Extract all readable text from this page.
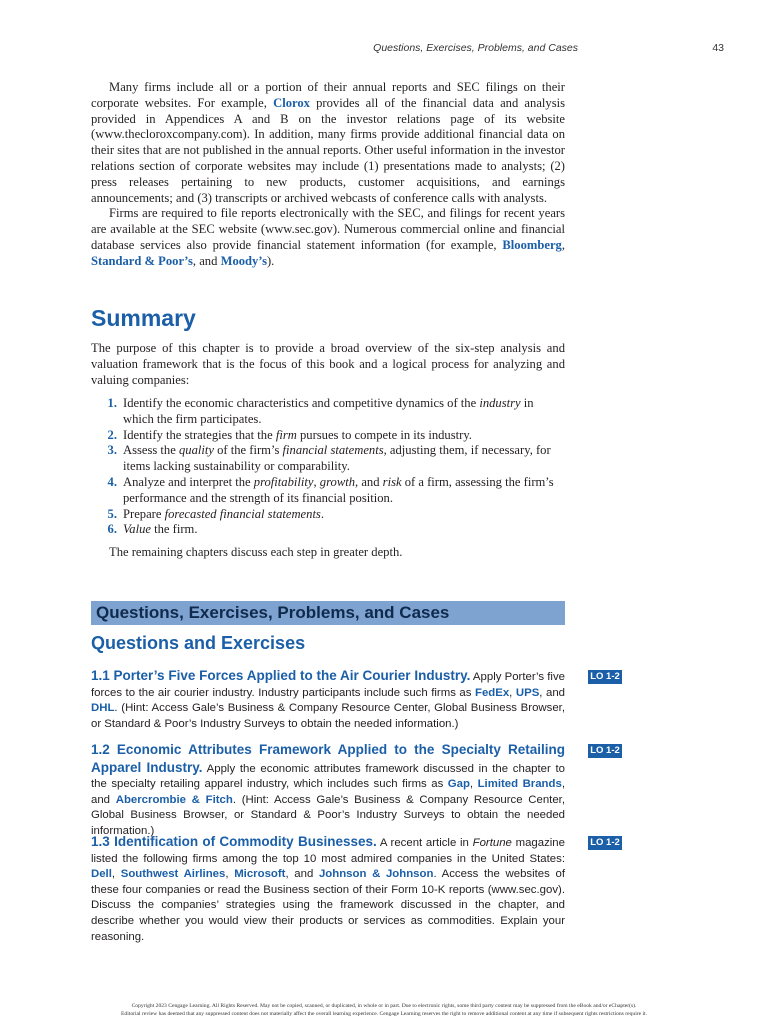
Questions, Exercises, Problems, and Cases	43

Many firms include all or a portion of their annual reports and SEC filings on their corporate websites. For example, Clorox provides all of the financial data and analysis provided in Appendices A and B on the investor relations page of its website (www.thecloroxcompany.com). In addition, many firms provide additional financial data on their sites that are not published in the annual reports. Other useful information in the investor relations section of corporate websites may include (1) presentations made to analysts; (2) press releases pertaining to new products, customer acquisitions, and earnings announcements; and (3) transcripts or archived webcasts of conference calls with analysts.

Firms are required to file reports electronically with the SEC, and filings for recent years are available at the SEC website (www.sec.gov). Numerous commercial online and financial database services also provide financial statement information (for example, Bloomberg, Standard & Poor’s, and Moody’s).

Summary

The purpose of this chapter is to provide a broad overview of the six-step analysis and valuation framework that is the focus of this book and a logical process for analyzing and valuing companies:

1. Identify the economic characteristics and competitive dynamics of the industry in which the firm participates.
2. Identify the strategies that the firm pursues to compete in its industry.
3. Assess the quality of the firm’s financial statements, adjusting them, if necessary, for items lacking sustainability or comparability.
4. Analyze and interpret the profitability, growth, and risk of a firm, assessing the firm’s performance and the strength of its financial position.
5. Prepare forecasted financial statements.
6. Value the firm.

The remaining chapters discuss each step in greater depth.

Questions, Exercises, Problems, and Cases
Questions and Exercises
1.1 Porter’s Five Forces Applied to the Air Courier Industry. Apply Porter’s five forces to the air courier industry. Industry participants include such firms as FedEx, UPS, and DHL. (Hint: Access Gale’s Business & Company Resource Center, Global Business Browser, or Standard & Poor’s Industry Surveys to obtain the needed information.)
LO 1-2
1.2 Economic Attributes Framework Applied to the Specialty Retailing Apparel Industry. Apply the economic attributes framework discussed in the chapter to the specialty retailing apparel industry, which includes such firms as Gap, Limited Brands, and Abercrombie & Fitch. (Hint: Access Gale’s Business & Company Resource Center, Global Business Browser, or Standard & Poor’s Industry Surveys to obtain the needed information.)
LO 1-2
1.3 Identification of Commodity Businesses. A recent article in Fortune magazine listed the following firms among the top 10 most admired companies in the United States: Dell, Southwest Airlines, Microsoft, and Johnson & Johnson. Access the websites of these four companies or read the Business section of their Form 10-K reports (www.sec.gov). Discuss the companies’ strategies using the framework discussed in the chapter, and describe whether you would view their products or services as commodities. Explain your reasoning.
LO 1-2
Copyright 2023 Cengage Learning. All Rights Reserved. May not be copied, scanned, or duplicated, in whole or in part. Due to electronic rights, some third party content may be suppressed from the eBook and/or eChapter(s).
Editorial review has deemed that any suppressed content does not materially affect the overall learning experience. Cengage Learning reserves the right to remove additional content at any time if subsequent rights restrictions require it.
